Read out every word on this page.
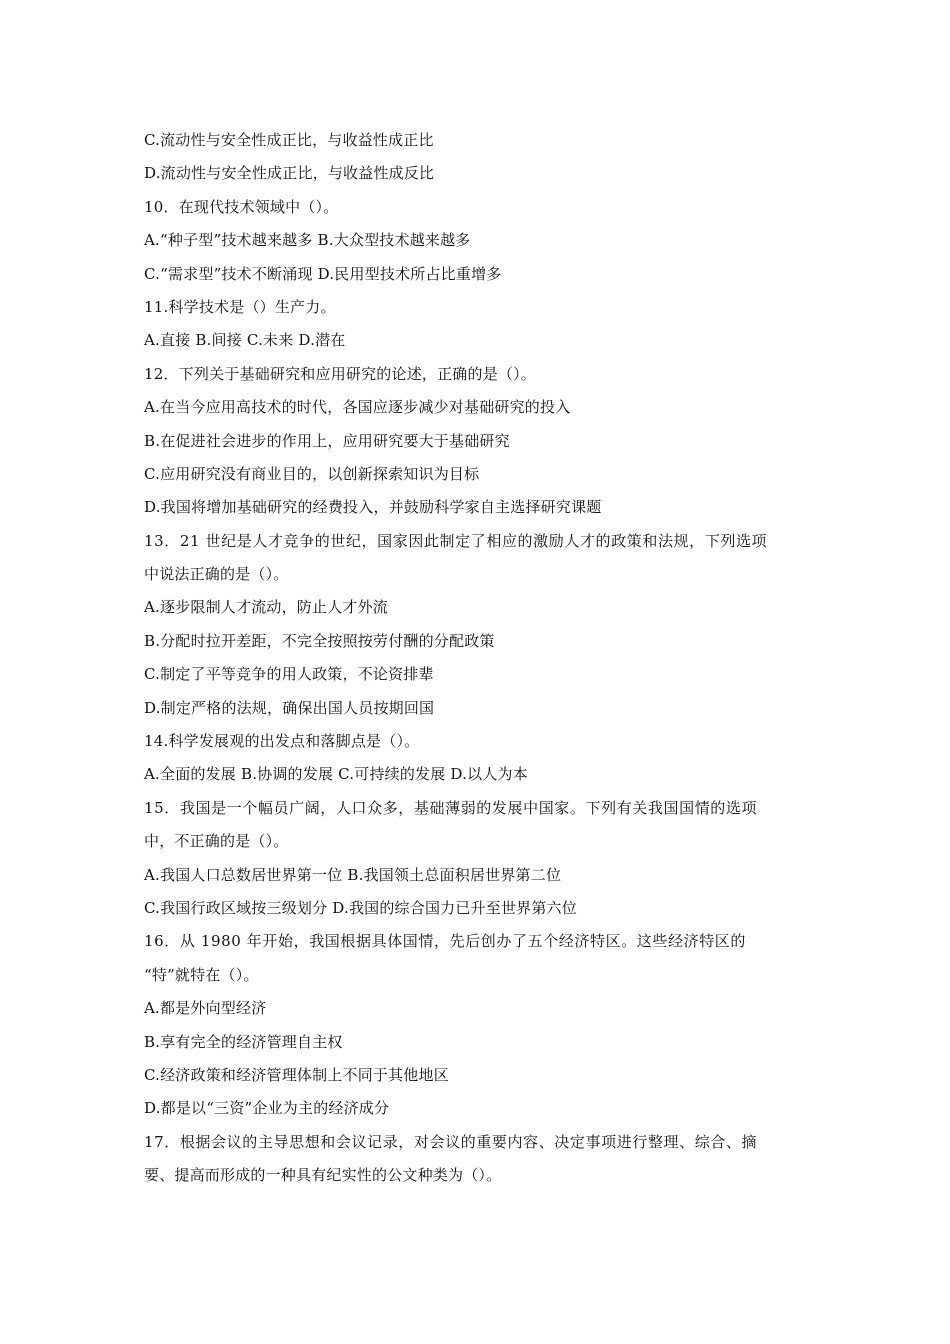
C.流动性与安全性成正比，与收益性成正比
D.流动性与安全性成正比，与收益性成反比
10．在现代技术领域中（）。
A.“种子型”技术越来越多 B.大众型技术越来越多
C.“需求型”技术不断涌现 D.民用型技术所占比重增多
11.科学技术是（）生产力。
A.直接 B.间接 C.未来 D.潜在
12．下列关于基础研究和应用研究的论述，正确的是（）。
A.在当今应用高技术的时代，各国应逐步减少对基础研究的投入
B.在促进社会进步的作用上，应用研究要大于基础研究
C.应用研究没有商业目的，以创新探索知识为目标
D.我国将增加基础研究的经费投入，并鼓励科学家自主选择研究课题
13．21 世纪是人才竞争的世纪，国家因此制定了相应的激励人才的政策和法规，下列选项
中说法正确的是（）。
A.逐步限制人才流动，防止人才外流
B.分配时拉开差距，不完全按照按劳付酬的分配政策
C.制定了平等竞争的用人政策，不论资排辈
D.制定严格的法规，确保出国人员按期回国
14.科学发展观的出发点和落脚点是（）。
A.全面的发展 B.协调的发展 C.可持续的发展 D.以人为本
15．我国是一个幅员广阔，人口众多，基础薄弱的发展中国家。下列有关我国国情的选项
中，不正确的是（）。
A.我国人口总数居世界第一位 B.我国领土总面积居世界第二位
C.我国行政区域按三级划分 D.我国的综合国力已升至世界第六位
16．从 1980 年开始，我国根据具体国情，先后创办了五个经济特区。这些经济特区的
“特”就特在（）。
A.都是外向型经济
B.享有完全的经济管理自主权
C.经济政策和经济管理体制上不同于其他地区
D.都是以“三资”企业为主的经济成分
17．根据会议的主导思想和会议记录，对会议的重要内容、决定事项进行整理、综合、摘
要、提高而形成的一种具有纪实性的公文种类为（）。
